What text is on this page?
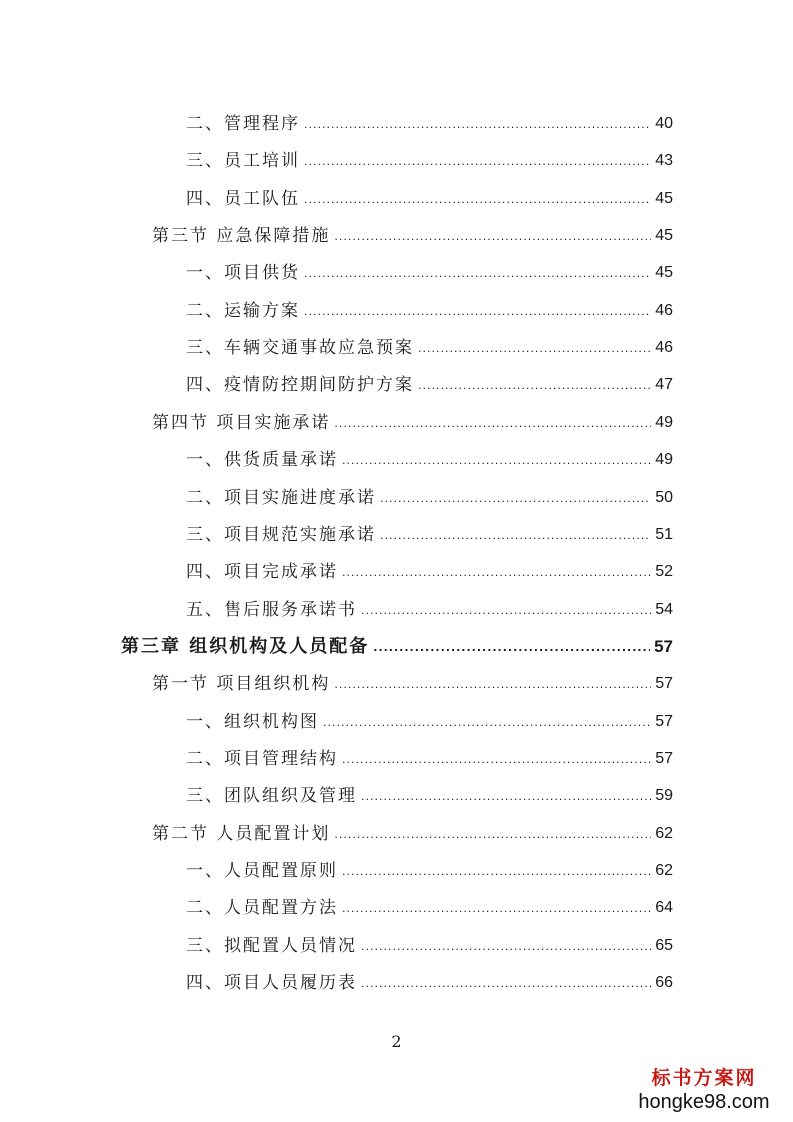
二、管理程序 .....	40
三、员工培训 .....	43
四、员工队伍 .....	45
第三节 应急保障措施 .....	45
一、项目供货 .....	45
二、运输方案 .....	46
三、车辆交通事故应急预案 .....	46
四、疫情防控期间防护方案 .....	47
第四节 项目实施承诺 .....	49
一、供货质量承诺 .....	49
二、项目实施进度承诺 .....	50
三、项目规范实施承诺 .....	51
四、项目完成承诺 .....	52
五、售后服务承诺书 .....	54
第三章 组织机构及人员配备 .....	57
第一节 项目组织机构 .....	57
一、组织机构图 .....	57
二、项目管理结构 .....	57
三、团队组织及管理 .....	59
第二节 人员配置计划 .....	62
一、人员配置原则 .....	62
二、人员配置方法 .....	64
三、拟配置人员情况 .....	65
四、项目人员履历表 .....	66
2
标书方案网
hongke98.com
